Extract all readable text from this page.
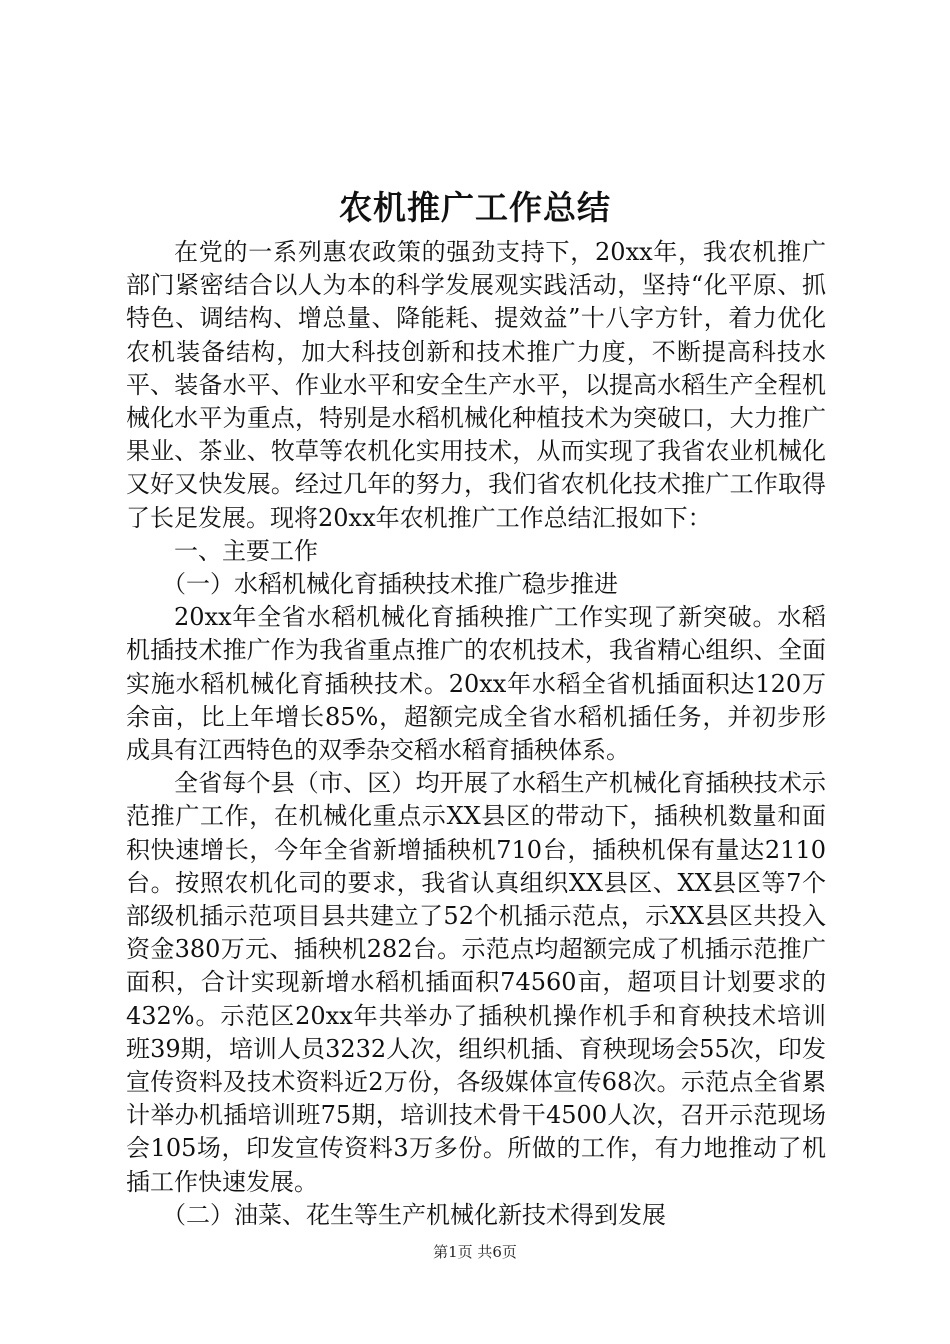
农机推广工作总结

在党的一系列惠农政策的强劲支持下，20xx年，我农机推广部门紧密结合以人为本的科学发展观实践活动，坚持“化平原、抓特色、调结构、增总量、降能耗、提效益”十八字方针，着力优化农机装备结构，加大科技创新和技术推广力度，不断提高科技水平、装备水平、作业水平和安全生产水平，以提高水稻生产全程机械化水平为重点，特别是水稻机械化种植技术为突破口，大力推广果业、茶业、牧草等农机化实用技术，从而实现了我省农业机械化又好又快发展。经过几年的努力，我们省农机化技术推广工作取得了长足发展。现将20xx年农机推广工作总结汇报如下：

一、主要工作

（一）水稻机械化育插秧技术推广稳步推进

20xx年全省水稻机械化育插秧推广工作实现了新突破。水稻机插技术推广作为我省重点推广的农机技术，我省精心组织、全面实施水稻机械化育插秧技术。20xx年水稻全省机插面积达120万余亩，比上年增长85%，超额完成全省水稻机插任务，并初步形成具有江西特色的双季杂交稻水稻育插秧体系。

全省每个县（市、区）均开展了水稻生产机械化育插秧技术示范推广工作，在机械化重点示XX县区的带动下，插秧机数量和面积快速增长，今年全省新增插秧机710台，插秧机保有量达2110台。按照农机化司的要求，我省认真组织XX县区、XX县区等7个部级机插示范项目县共建立了52个机插示范点，示XX县区共投入资金380万元、插秧机282台。示范点均超额完成了机插示范推广面积，合计实现新增水稻机插面积74560亩，超项目计划要求的432%。示范区20xx年共举办了插秧机操作机手和育秧技术培训班39期，培训人员3232人次，组织机插、育秧现场会55次，印发宣传资料及技术资料近2万份，各级媒体宣传68次。示范点全省累计举办机插培训班75期，培训技术骨干4500人次，召开示范现场会105场，印发宣传资料3万多份。所做的工作，有力地推动了机插工作快速发展。

（二）油菜、花生等生产机械化新技术得到发展

第1页 共6页
